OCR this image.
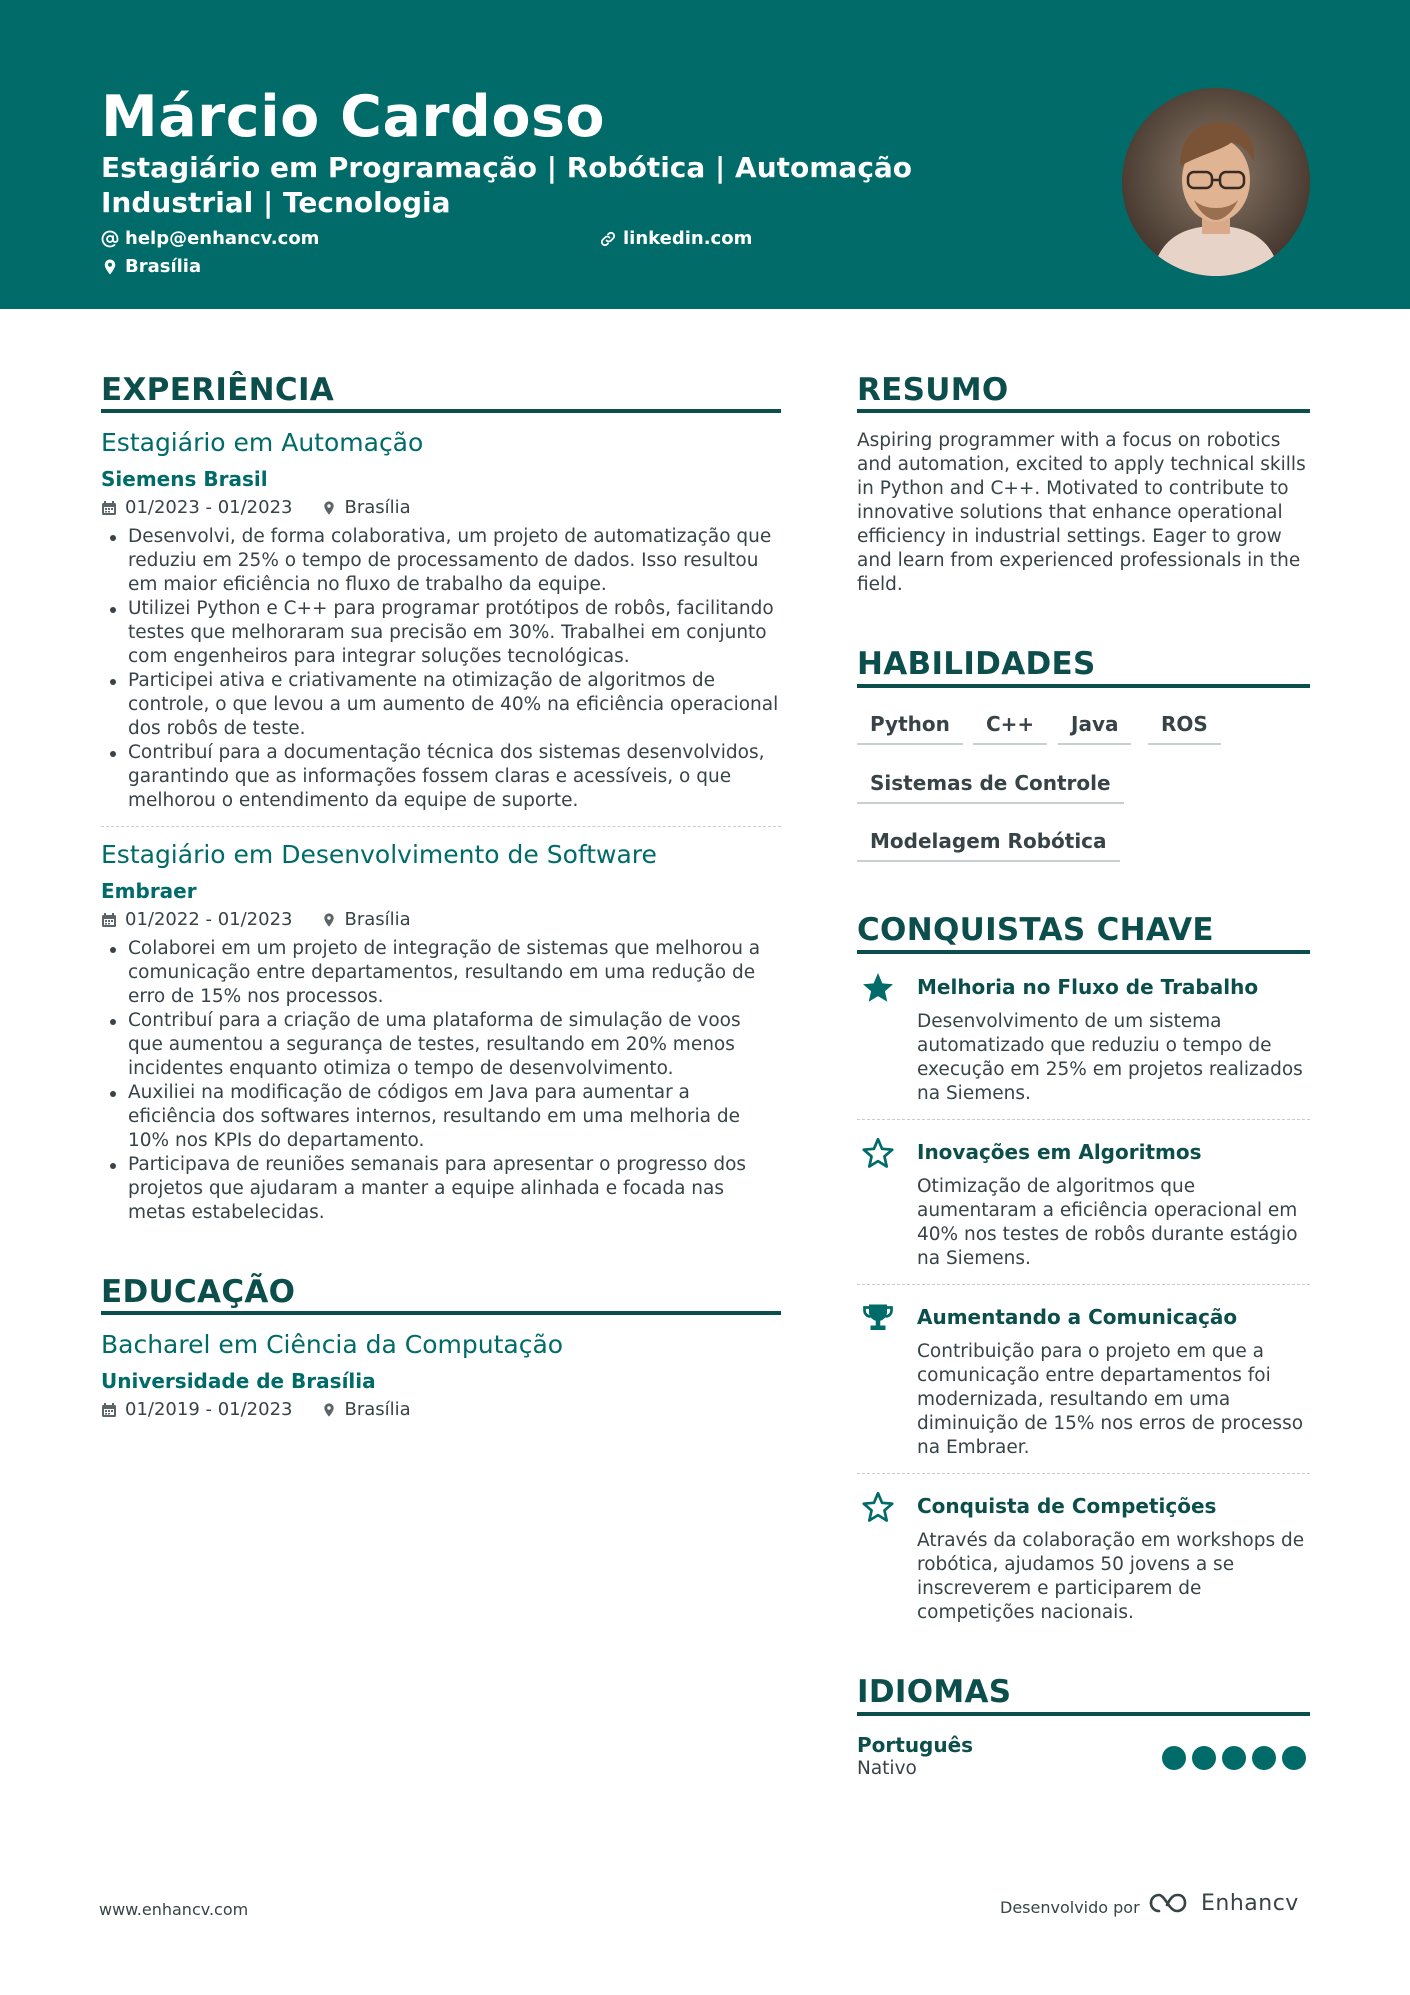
Márcio Cardoso
Estagiário em Programação | Robótica | Automação Industrial | Tecnologia
help@enhancv.com	linkedin.com
Brasília
EXPERIÊNCIA
Estagiário em Automação
Siemens Brasil
01/2023 - 01/2023	Brasília
Desenvolvi, de forma colaborativa, um projeto de automatização que reduziu em 25% o tempo de processamento de dados. Isso resultou em maior eficiência no fluxo de trabalho da equipe.
Utilizei Python e C++ para programar protótipos de robôs, facilitando testes que melhoraram sua precisão em 30%. Trabalhei em conjunto com engenheiros para integrar soluções tecnológicas.
Participei ativa e criativamente na otimização de algoritmos de controle, o que levou a um aumento de 40% na eficiência operacional dos robôs de teste.
Contribuí para a documentação técnica dos sistemas desenvolvidos, garantindo que as informações fossem claras e acessíveis, o que melhorou o entendimento da equipe de suporte.
Estagiário em Desenvolvimento de Software
Embraer
01/2022 - 01/2023	Brasília
Colaborei em um projeto de integração de sistemas que melhorou a comunicação entre departamentos, resultando em uma redução de erro de 15% nos processos.
Contribuí para a criação de uma plataforma de simulação de voos que aumentou a segurança de testes, resultando em 20% menos incidentes enquanto otimiza o tempo de desenvolvimento.
Auxiliei na modificação de códigos em Java para aumentar a eficiência dos softwares internos, resultando em uma melhoria de 10% nos KPIs do departamento.
Participava de reuniões semanais para apresentar o progresso dos projetos que ajudaram a manter a equipe alinhada e focada nas metas estabelecidas.
EDUCAÇÃO
Bacharel em Ciência da Computação
Universidade de Brasília
01/2019 - 01/2023	Brasília
RESUMO
Aspiring programmer with a focus on robotics and automation, excited to apply technical skills in Python and C++. Motivated to contribute to innovative solutions that enhance operational efficiency in industrial settings. Eager to grow and learn from experienced professionals in the field.
HABILIDADES
Python	C++	Java	ROS
Sistemas de Controle
Modelagem Robótica
CONQUISTAS CHAVE
Melhoria no Fluxo de Trabalho
Desenvolvimento de um sistema automatizado que reduziu o tempo de execução em 25% em projetos realizados na Siemens.
Inovações em Algoritmos
Otimização de algoritmos que aumentaram a eficiência operacional em 40% nos testes de robôs durante estágio na Siemens.
Aumentando a Comunicação
Contribuição para o projeto em que a comunicação entre departamentos foi modernizada, resultando em uma diminuição de 15% nos erros de processo na Embraer.
Conquista de Competições
Através da colaboração em workshops de robótica, ajudamos 50 jovens a se inscreverem e participarem de competições nacionais.
IDIOMAS
Português
Nativo
www.enhancv.com	Desenvolvido por	Enhancv
